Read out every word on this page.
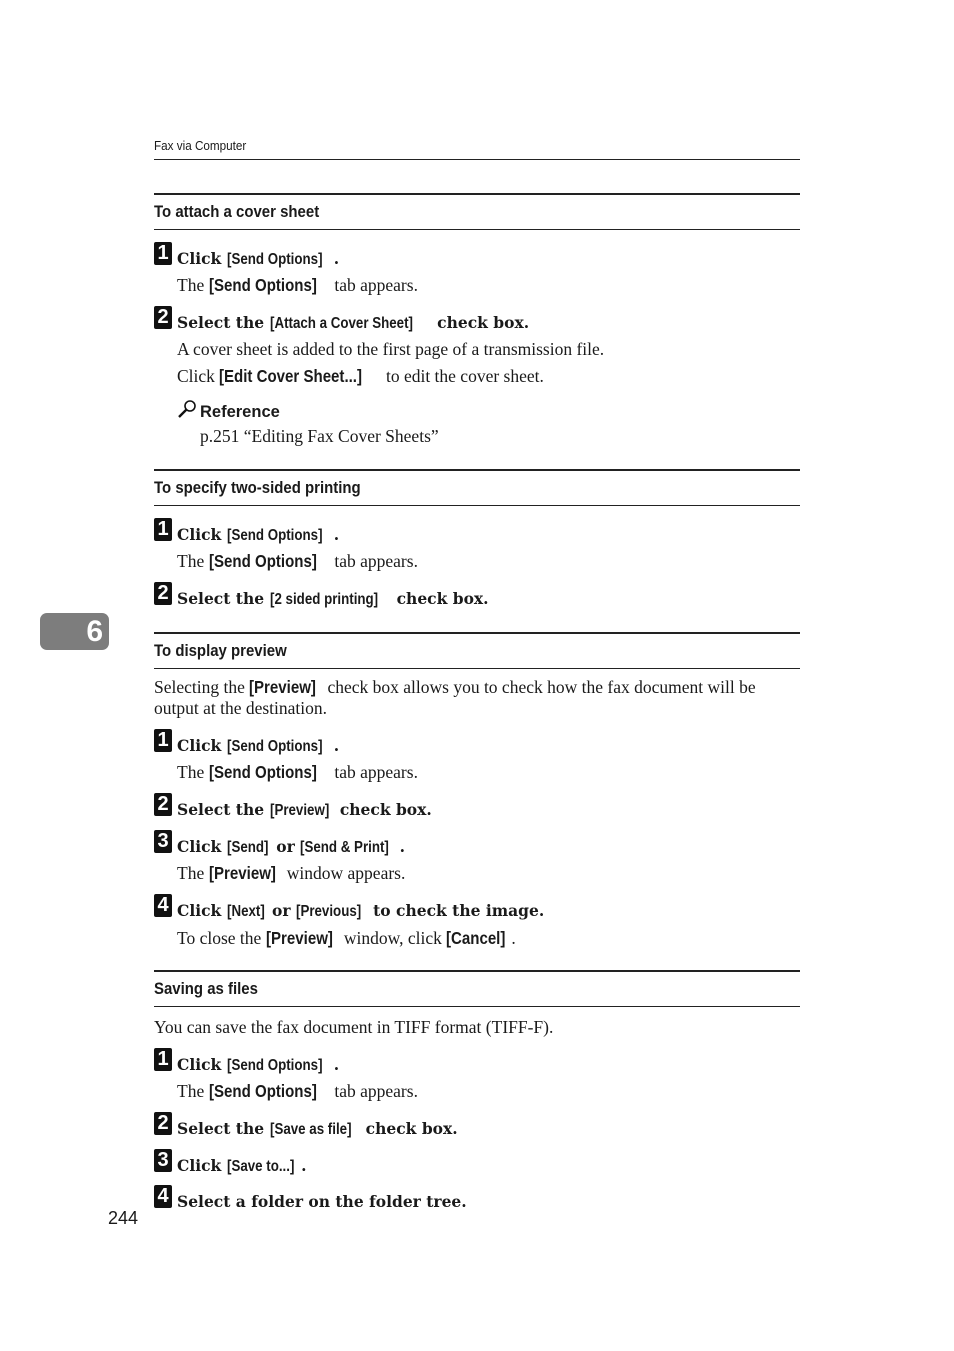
Fax via Computer
6
To attach a cover sheet
1 Click [Send Options] .
The [Send Options] tab appears.
2 Select the [Attach a Cover Sheet] check box.
A cover sheet is added to the first page of a transmission file.
Click [Edit Cover Sheet...] to edit the cover sheet.
Reference
p.251 “Editing Fax Cover Sheets”
To specify two-sided printing
1 Click [Send Options] .
The [Send Options] tab appears.
2 Select the [2 sided printing] check box.
To display preview
Selecting the [Preview] check box allows you to check how the fax document will be output at the destination.
1 Click [Send Options] .
The [Send Options] tab appears.
2 Select the [Preview] check box.
3 Click [Send] or [Send & Print] .
The [Preview] window appears.
4 Click [Next] or [Previous] to check the image.
To close the [Preview] window, click [Cancel] .
Saving as files
You can save the fax document in TIFF format (TIFF-F).
1 Click [Send Options] .
The [Send Options] tab appears.
2 Select the [Save as file] check box.
3 Click [Save to...] .
4 Select a folder on the folder tree.
244
